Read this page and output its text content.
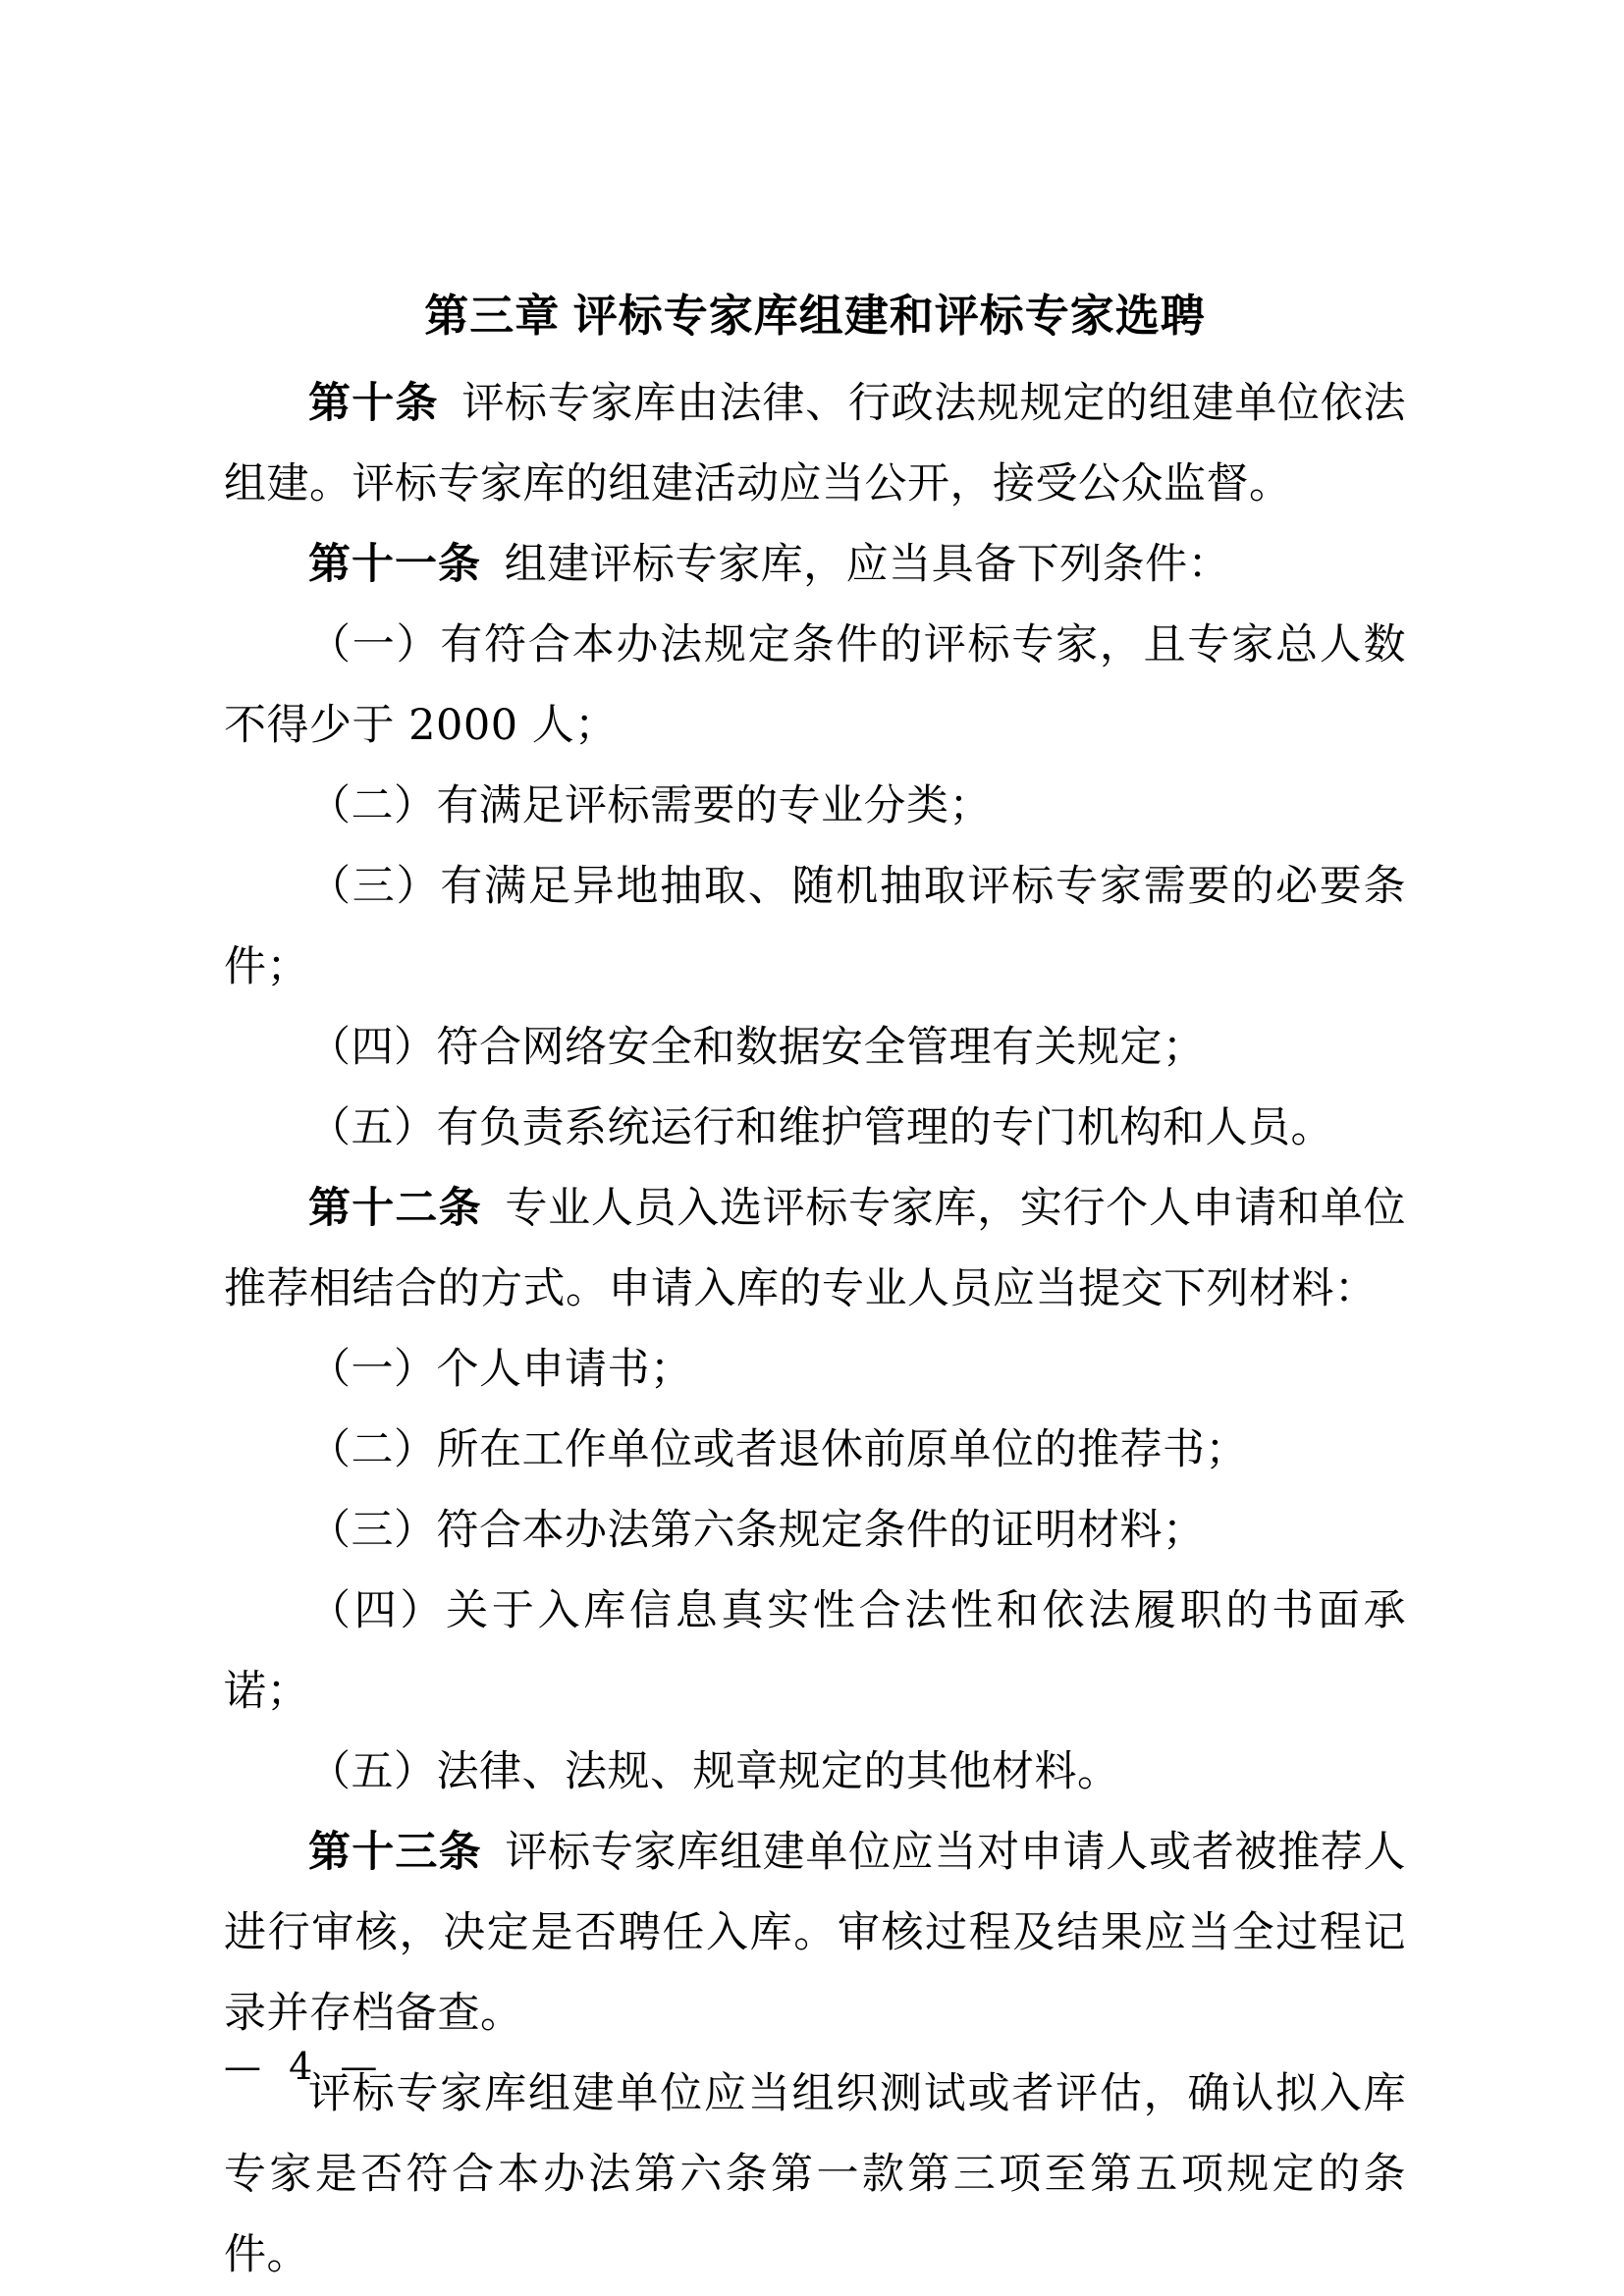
第三章 评标专家库组建和评标专家选聘

第十条 评标专家库由法律、行政法规规定的组建单位依法组建。评标专家库的组建活动应当公开，接受公众监督。

第十一条 组建评标专家库，应当具备下列条件：

（一）有符合本办法规定条件的评标专家，且专家总人数不得少于 2000 人；

（二）有满足评标需要的专业分类；

（三）有满足异地抽取、随机抽取评标专家需要的必要条件；

（四）符合网络安全和数据安全管理有关规定；

（五）有负责系统运行和维护管理的专门机构和人员。

第十二条 专业人员入选评标专家库，实行个人申请和单位推荐相结合的方式。申请入库的专业人员应当提交下列材料：

（一）个人申请书；

（二）所在工作单位或者退休前原单位的推荐书；

（三）符合本办法第六条规定条件的证明材料；

（四）关于入库信息真实性合法性和依法履职的书面承诺；

（五）法律、法规、规章规定的其他材料。

第十三条 评标专家库组建单位应当对申请人或者被推荐人进行审核，决定是否聘任入库。审核过程及结果应当全过程记录并存档备查。

评标专家库组建单位应当组织测试或者评估，确认拟入库专家是否符合本办法第六条第一款第三项至第五项规定的条件。

— 4 —
